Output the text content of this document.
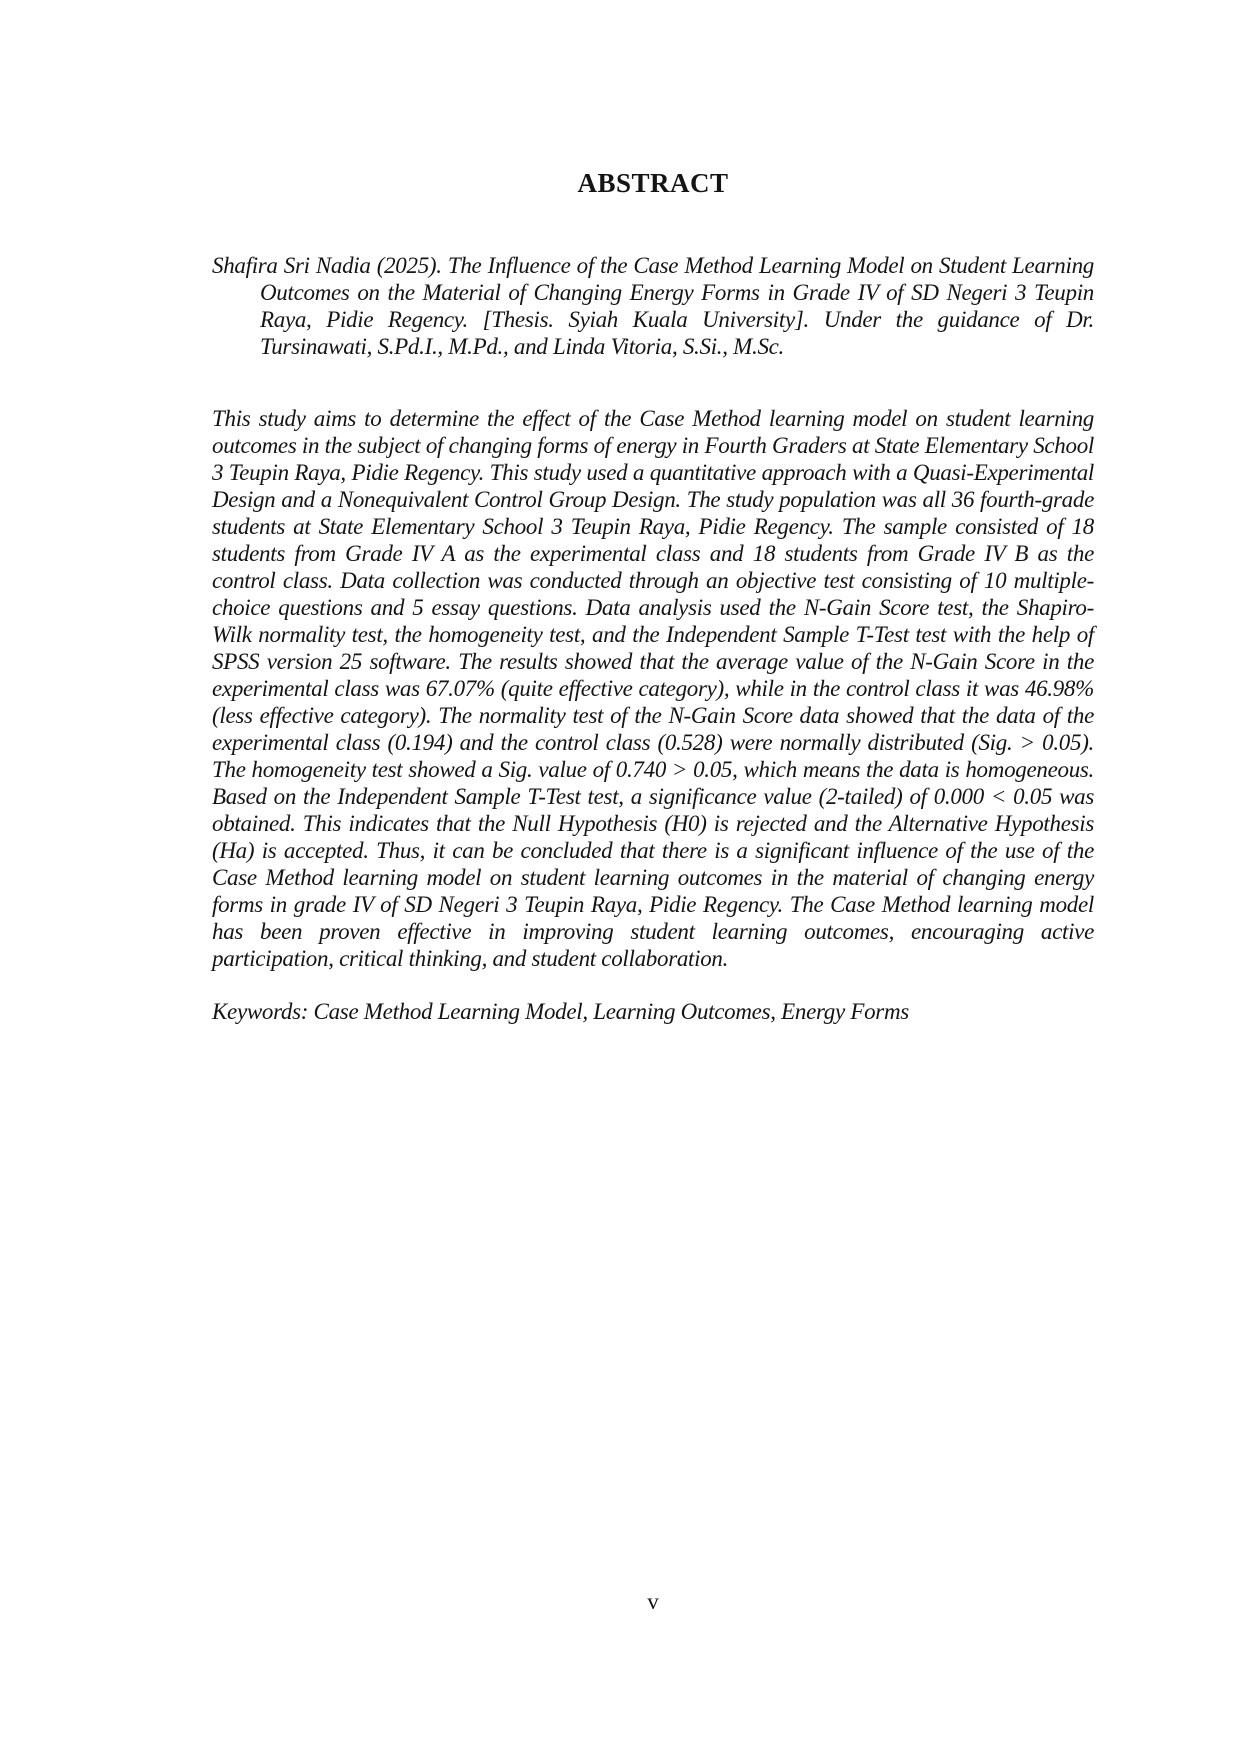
ABSTRACT

Shafira Sri Nadia (2025). The Influence of the Case Method Learning Model on Student Learning Outcomes on the Material of Changing Energy Forms in Grade IV of SD Negeri 3 Teupin Raya, Pidie Regency. [Thesis. Syiah Kuala University]. Under the guidance of Dr. Tursinawati, S.Pd.I., M.Pd., and Linda Vitoria, S.Si., M.Sc.

This study aims to determine the effect of the Case Method learning model on student learning outcomes in the subject of changing forms of energy in Fourth Graders at State Elementary School 3 Teupin Raya, Pidie Regency. This study used a quantitative approach with a Quasi-Experimental Design and a Nonequivalent Control Group Design. The study population was all 36 fourth-grade students at State Elementary School 3 Teupin Raya, Pidie Regency. The sample consisted of 18 students from Grade IV A as the experimental class and 18 students from Grade IV B as the control class. Data collection was conducted through an objective test consisting of 10 multiple-choice questions and 5 essay questions. Data analysis used the N-Gain Score test, the Shapiro-Wilk normality test, the homogeneity test, and the Independent Sample T-Test test with the help of SPSS version 25 software. The results showed that the average value of the N-Gain Score in the experimental class was 67.07% (quite effective category), while in the control class it was 46.98% (less effective category). The normality test of the N-Gain Score data showed that the data of the experimental class (0.194) and the control class (0.528) were normally distributed (Sig. > 0.05). The homogeneity test showed a Sig. value of 0.740 > 0.05, which means the data is homogeneous. Based on the Independent Sample T-Test test, a significance value (2-tailed) of 0.000 < 0.05 was obtained. This indicates that the Null Hypothesis (H0) is rejected and the Alternative Hypothesis (Ha) is accepted. Thus, it can be concluded that there is a significant influence of the use of the Case Method learning model on student learning outcomes in the material of changing energy forms in grade IV of SD Negeri 3 Teupin Raya, Pidie Regency. The Case Method learning model has been proven effective in improving student learning outcomes, encouraging active participation, critical thinking, and student collaboration.

Keywords: Case Method Learning Model, Learning Outcomes, Energy Forms

v
